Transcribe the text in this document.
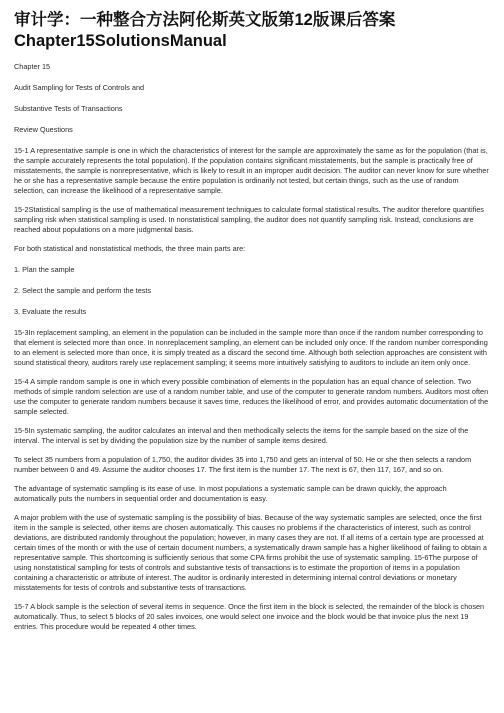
审计学：一种整合方法阿伦斯英文版第12版课后答案
Chapter15SolutionsManual

Chapter 15

Audit Sampling for Tests of Controls and

Substantive Tests of Transactions

Review Questions

15-1 A representative sample is one in which the characteristics of interest for the sample are approximately the same as for the population (that is, the sample accurately represents the total population). If the population contains significant misstatements, but the sample is practically free of misstatements, the sample is nonrepresentative, which is likely to result in an improper audit decision. The auditor can never know for sure whether he or she has a representative sample because the entire population is ordinarily not tested, but certain things, such as the use of random selection, can increase the likelihood of a representative sample.

15-2Statistical sampling is the use of mathematical measurement techniques to calculate formal statistical results. The auditor therefore quantifies sampling risk when statistical sampling is used. In nonstatistical sampling, the auditor does not quantify sampling risk. Instead, conclusions are reached about populations on a more judgmental basis.

For both statistical and nonstatistical methods, the three main parts are:

1. Plan the sample

2. Select the sample and perform the tests

3. Evaluate the results

15-3In replacement sampling, an element in the population can be included in the sample more than once if the random number corresponding to that element is selected more than once. In nonreplacement sampling, an element can be included only once. If the random number corresponding to an element is selected more than once, it is simply treated as a discard the second time. Although both selection approaches are consistent with sound statistical theory, auditors rarely use replacement sampling; it seems more intuitively satisfying to auditors to include an item only once.

15-4 A simple random sample is one in which every possible combination of elements in the population has an equal chance of selection. Two methods of simple random selection are use of a random number table, and use of the computer to generate random numbers. Auditors most often use the computer to generate random numbers because it saves time, reduces the likelihood of error, and provides automatic documentation of the sample selected.

15-5In systematic sampling, the auditor calculates an interval and then methodically selects the items for the sample based on the size of the interval. The interval is set by dividing the population size by the number of sample items desired.

To select 35 numbers from a population of 1,750, the auditor divides 35 into 1,750 and gets an interval of 50. He or she then selects a random number between 0 and 49. Assume the auditor chooses 17. The first item is the number 17. The next is 67, then 117, 167, and so on.

The advantage of systematic sampling is its ease of use. In most populations a systematic sample can be drawn quickly, the approach automatically puts the numbers in sequential order and documentation is easy.

A major problem with the use of systematic sampling is the possibility of bias. Because of the way systematic samples are selected, once the first item in the sample is selected, other items are chosen automatically. This causes no problems if the characteristics of interest, such as control deviations, are distributed randomly throughout the population; however, in many cases they are not. If all items of a certain type are processed at certain times of the month or with the use of certain document numbers, a systematically drawn sample has a higher likelihood of failing to obtain a representative sample. This shortcoming is sufficiently serious that some CPA firms prohibit the use of systematic sampling. 15-6The purpose of using nonstatistical sampling for tests of controls and substantive tests of transactions is to estimate the proportion of items in a population containing a characteristic or attribute of interest. The auditor is ordinarily interested in determining internal control deviations or monetary misstatements for tests of controls and substantive tests of transactions.

15-7 A block sample is the selection of several items in sequence. Once the first item in the block is selected, the remainder of the block is chosen automatically. Thus, to select 5 blocks of 20 sales invoices, one would select one invoice and the block would be that invoice plus the next 19 entries. This procedure would be repeated 4 other times.
